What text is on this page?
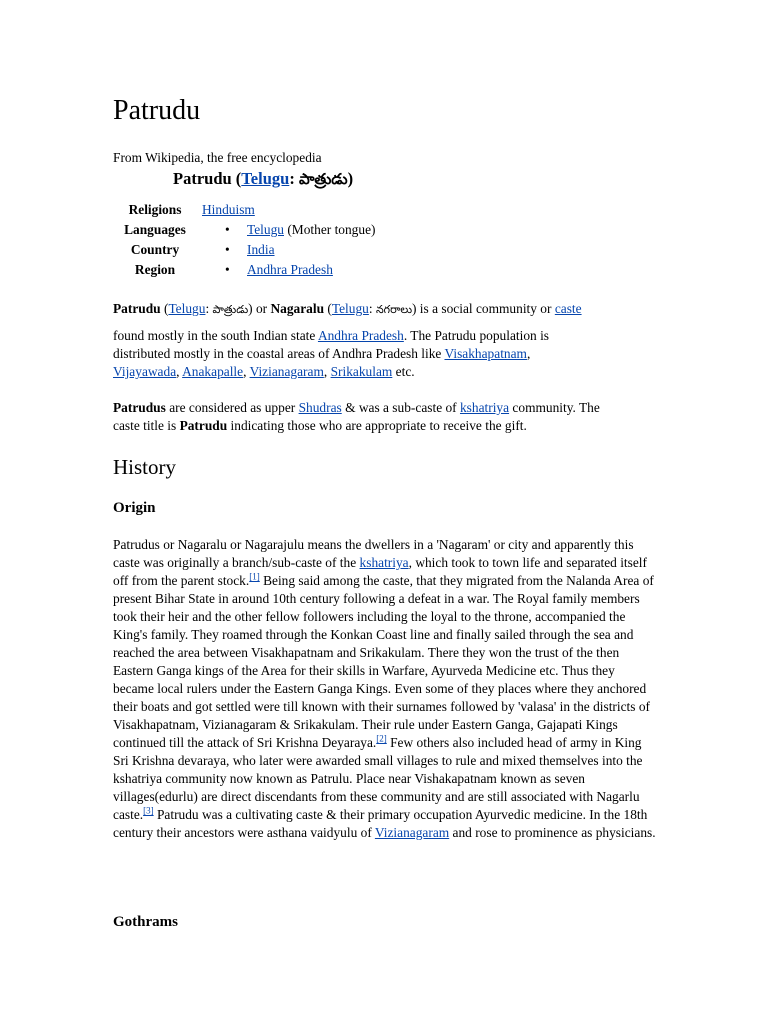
Patrudu
From Wikipedia, the free encyclopedia
Patrudu (Telugu: పాత్రుడు)
Religions	Hinduism
Languages	• Telugu (Mother tongue)
Country	• India
Region	• Andhra Pradesh

Patrudu (Telugu: పాత్రుడు) or Nagaralu (Telugu: నగరాలు) is a social community or caste

found mostly in the south Indian state Andhra Pradesh. The Patrudu population is distributed mostly in the coastal areas of Andhra Pradesh like Visakhapatnam, Vijayawada, Anakapalle, Vizianagaram, Srikakulam etc.

Patrudus are considered as upper Shudras & was a sub-caste of kshatriya community. The caste title is Patrudu indicating those who are appropriate to receive the gift.

History
Origin

Patrudus or Nagaralu or Nagarajulu means the dwellers in a 'Nagaram' or city and apparently this caste was originally a branch/sub-caste of the kshatriya, which took to town life and separated itself off from the parent stock.[1] Being said among the caste, that they migrated from the Nalanda Area of present Bihar State in around 10th century following a defeat in a war. The Royal family members took their heir and the other fellow followers including the loyal to the throne, accompanied the King's family. They roamed through the Konkan Coast line and finally sailed through the sea and reached the area between Visakhapatnam and Srikakulam. There they won the trust of the then Eastern Ganga kings of the Area for their skills in Warfare, Ayurveda Medicine etc. Thus they became local rulers under the Eastern Ganga Kings. Even some of they places where they anchored their boats and got settled were till known with their surnames followed by 'valasa' in the districts of Visakhapatnam, Vizianagaram & Srikakulam. Their rule under Eastern Ganga, Gajapati Kings continued till the attack of Sri Krishna Deyaraya.[2] Few others also included head of army in King Sri Krishna devaraya, who later were awarded small villages to rule and mixed themselves into the kshatriya community now known as Patrulu. Place near Vishakapatnam known as seven villages(edurlu) are direct discendants from these community and are still associated with Nagarlu caste.[3] Patrudu was a cultivating caste & their primary occupation Ayurvedic medicine. In the 18th century their ancestors were asthana vaidyulu of Vizianagaram and rose to prominence as physicians.

Gothrams
